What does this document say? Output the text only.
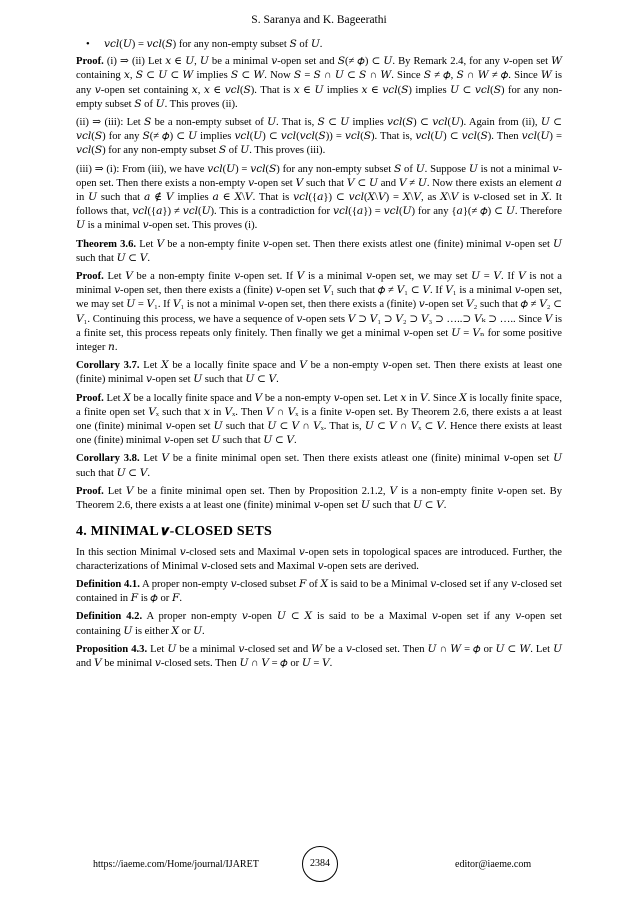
S. Saranya and K. Bageerathi
•	𝑣𝑐𝑙(𝑈) = 𝑣𝑐𝑙(𝑆) for any non-empty subset 𝑆 of 𝑈.

Proof. (i) ⇒ (ii) Let 𝑥 ∈ 𝑈, 𝑈 be a minimal 𝑣-open set and 𝑆(≠ 𝜙) ⊂ 𝑈. By Remark 2.4, for any 𝑣-open set 𝑊 containing 𝑥, 𝑆 ⊂ 𝑈 ⊂ 𝑊 implies 𝑆 ⊂ 𝑊. Now 𝑆 = 𝑆 ∩ 𝑈 ⊂ 𝑆 ∩ 𝑊. Since 𝑆 ≠ 𝜙, 𝑆 ∩ 𝑊 ≠ 𝜙. Since 𝑊 is any 𝑣-open set containing 𝑥, 𝑥 ∈ 𝑣𝑐𝑙(𝑆). That is 𝑥 ∈ 𝑈 implies 𝑥 ∈ 𝑣𝑐𝑙(𝑆) implies 𝑈 ⊂ 𝑣𝑐𝑙(𝑆) for any non-empty subset 𝑆 of 𝑈. This proves (ii).

(ii) ⇒ (iii): Let 𝑆 be a non-empty subset of 𝑈. That is, 𝑆 ⊂ 𝑈 implies 𝑣𝑐𝑙(𝑆) ⊂ 𝑣𝑐𝑙(𝑈). Again from (ii), 𝑈 ⊂ 𝑣𝑐𝑙(𝑆) for any 𝑆(≠ 𝜙) ⊂ 𝑈 implies 𝑣𝑐𝑙(𝑈) ⊂ 𝑣𝑐𝑙(𝑣𝑐𝑙(𝑆)) = 𝑣𝑐𝑙(𝑆). That is, 𝑣𝑐𝑙(𝑈) ⊂ 𝑣𝑐𝑙(𝑆). Then 𝑣𝑐𝑙(𝑈) = 𝑣𝑐𝑙(𝑆) for any non-empty subset 𝑆 of 𝑈. This proves (iii).

(iii) ⇒ (i): From (iii), we have 𝑣𝑐𝑙(𝑈) = 𝑣𝑐𝑙(𝑆) for any non-empty subset 𝑆 of 𝑈. Suppose 𝑈 is not a minimal 𝑣-open set. Then there exists a non-empty 𝑣-open set 𝑉 such that 𝑉 ⊂ 𝑈 and 𝑉 ≠ 𝑈. Now there exists an element 𝑎 in 𝑈 such that 𝑎 ∉ 𝑉 implies 𝑎 ∈ 𝑋\𝑉. That is 𝑣𝑐𝑙({𝑎}) ⊂ 𝑣𝑐𝑙(𝑋\𝑉) = 𝑋\𝑉, as 𝑋\𝑉 is 𝑣-closed set in 𝑋. It follows that, 𝑣𝑐𝑙({𝑎}) ≠ 𝑣𝑐𝑙(𝑈). This is a contradiction for 𝑣𝑐𝑙({𝑎}) = 𝑣𝑐𝑙(𝑈) for any {𝑎}(≠ 𝜙) ⊂ 𝑈. Therefore 𝑈 is a minimal 𝑣-open set. This proves (i).

Theorem 3.6. Let 𝑉 be a non-empty finite 𝑣-open set. Then there exists atlest one (finite) minimal 𝑣-open set 𝑈 such that 𝑈 ⊂ 𝑉.

Proof. Let 𝑉 be a non-empty finite 𝑣-open set. If 𝑉 is a minimal 𝑣-open set, we may set 𝑈 = 𝑉. If 𝑉 is not a minimal 𝑣-open set, then there exists a (finite) 𝑣-open set 𝑉₁ such that 𝜙 ≠ 𝑉₁ ⊂ 𝑉. If 𝑉₁ is a minimal 𝑣-open set, we may set 𝑈 = 𝑉₁. If 𝑉₁ is not a minimal 𝑣-open set, then there exists a (finite) 𝑣-open set 𝑉₂ such that 𝜙 ≠ 𝑉₂ ⊂ 𝑉₁. Continuing this process, we have a sequence of 𝑣-open sets 𝑉 ⊃ 𝑉₁ ⊃ 𝑉₂ ⊃ 𝑉₃ ⊃ …..⊃ 𝑉ₖ ⊃ ….. Since 𝑉 is a finite set, this process repeats only finitely. Then finally we get a minimal 𝑣-open set 𝑈 = 𝑉ₙ for some positive integer 𝑛.

Corollary 3.7. Let 𝑋 be a locally finite space and 𝑉 be a non-empty 𝑣-open set. Then there exists at least one (finite) minimal 𝑣-open set 𝑈 such that 𝑈 ⊂ 𝑉.

Proof. Let 𝑋 be a locally finite space and 𝑉 be a non-empty 𝑣-open set. Let 𝑥 in 𝑉. Since 𝑋 is locally finite space, a finite open set 𝑉ₓ such that 𝑥 in 𝑉ₓ. Then 𝑉 ∩ 𝑉ₓ is a finite 𝑣-open set. By Theorem 2.6, there exists a at least one (finite) minimal 𝑣-open set 𝑈 such that 𝑈 ⊂ 𝑉 ∩ 𝑉ₓ. That is, 𝑈 ⊂ 𝑉 ∩ 𝑉ₓ ⊂ 𝑉. Hence there exists at least one (finite) minimal 𝑣-open set 𝑈 such that 𝑈 ⊂ 𝑉.

Corollary 3.8. Let 𝑉 be a finite minimal open set. Then there exists atleast one (finite) minimal 𝑣-open set 𝑈 such that 𝑈 ⊂ 𝑉.

Proof. Let 𝑉 be a finite minimal open set. Then by Proposition 2.1.2, 𝑉 is a non-empty finite 𝑣-open set. By Theorem 2.6, there exists a at least one (finite) minimal 𝑣-open set 𝑈 such that 𝑈 ⊂ 𝑉.

4. MINIMAL 𝒗-CLOSED SETS

In this section Minimal 𝑣-closed sets and Maximal 𝑣-open sets in topological spaces are introduced. Further, the characterizations of Minimal 𝑣-closed sets and Maximal 𝑣-open sets are derived.

Definition 4.1. A proper non-empty 𝑣-closed subset 𝐹 of 𝑋 is said to be a Minimal 𝑣-closed set if any 𝑣-closed set contained in 𝐹 is 𝜙 or 𝐹.

Definition 4.2. A proper non-empty 𝑣-open 𝑈 ⊂ 𝑋 is said to be a Maximal 𝑣-open set if any 𝑣-open set containing 𝑈 is either 𝑋 or 𝑈.

Proposition 4.3. Let 𝑈 be a minimal 𝑣-closed set and 𝑊 be a 𝑣-closed set. Then 𝑈 ∩ 𝑊 = 𝜙 or 𝑈 ⊂ 𝑊. Let 𝑈 and 𝑉 be minimal 𝑣-closed sets. Then 𝑈 ∩ 𝑉 = 𝜙 or 𝑈 = 𝑉.

https://iaeme.com/Home/journal/IJARET	2384	editor@iaeme.com
